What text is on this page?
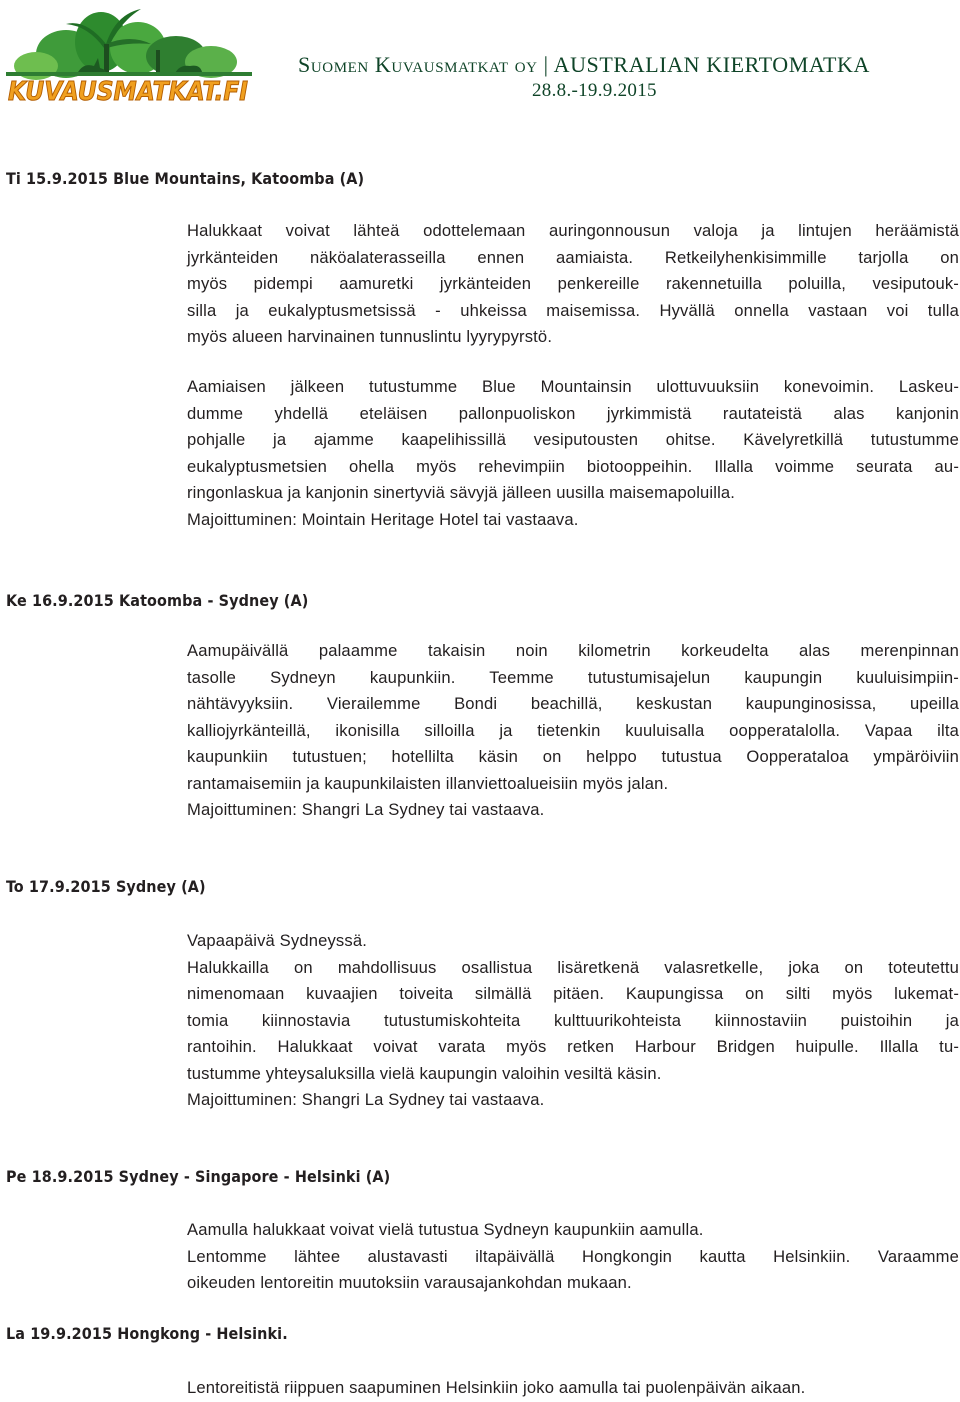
KUVAUSMATKAT.FI
Suomen Kuvausmatkat oy | AUSTRALIAN KIERTOMATKA
28.8.-19.9.2015
Ti 15.9.2015 Blue Mountains, Katoomba (A)
Halukkaat voivat lähteä odottelemaan auringonnousun valoja ja lintujen heräämistä
jyrkänteiden näköalaterasseilla ennen aamiaista. Retkeilyhenkisimmille tarjolla on
myös pidempi aamuretki jyrkänteiden penkereille rakennetuilla poluilla, vesiputouk-
silla ja eukalyptusmetsissä - uhkeissa maisemissa. Hyvällä onnella vastaan voi tulla
myös alueen harvinainen tunnuslintu lyyrypyrstö.
Aamiaisen jälkeen tutustumme Blue Mountainsin ulottuvuuksiin konevoimin. Laskeu-
dumme yhdellä eteläisen pallonpuoliskon jyrkimmistä rautateistä alas kanjonin
pohjalle ja ajamme kaapelihissillä vesiputousten ohitse. Kävelyretkillä tutustumme
eukalyptusmetsien ohella myös rehevimpiin biotooppeihin. Illalla voimme seurata au-
ringonlaskua ja kanjonin sinertyviä sävyjä jälleen uusilla maisemapoluilla.
Majoittuminen: Mointain Heritage Hotel tai vastaava.
Ke 16.9.2015 Katoomba - Sydney (A)
Aamupäivällä palaamme takaisin noin kilometrin korkeudelta alas merenpinnan
tasolle Sydneyn kaupunkiin. Teemme tutustumisajelun kaupungin kuuluisimpiin-
nähtävyyksiin. Vierailemme Bondi beachillä, keskustan kaupunginosissa, upeilla
kalliojyrkänteillä, ikonisilla silloilla ja tietenkin kuuluisalla oopperatalolla. Vapaa ilta
kaupunkiin tutustuen; hotellilta käsin on helppo tutustua Oopperataloa ympäröiviin
rantamaisemiin ja kaupunkilaisten illanviettoalueisiin myös jalan.
Majoittuminen: Shangri La Sydney tai vastaava.
To 17.9.2015 Sydney (A)
Vapaapäivä Sydneyssä.
Halukkailla on mahdollisuus osallistua lisäretkenä valasretkelle, joka on toteutettu
nimenomaan kuvaajien toiveita silmällä pitäen. Kaupungissa on silti myös lukemat-
tomia kiinnostavia tutustumiskohteita kulttuurikohteista kiinnostaviin puistoihin ja
rantoihin. Halukkaat voivat varata myös retken Harbour Bridgen huipulle. Illalla tu-
tustumme yhteysaluksilla vielä kaupungin valoihin vesiltä käsin.
Majoittuminen: Shangri La Sydney tai vastaava.
Pe 18.9.2015 Sydney - Singapore - Helsinki (A)
Aamulla halukkaat voivat vielä tutustua Sydneyn kaupunkiin aamulla.
Lentomme lähtee alustavasti iltapäivällä Hongkongin kautta Helsinkiin. Varaamme
oikeuden lentoreitin muutoksiin varausajankohdan mukaan.
La 19.9.2015 Hongkong - Helsinki.
Lentoreitistä riippuen saapuminen Helsinkiin joko aamulla tai puolenpäivän aikaan.
